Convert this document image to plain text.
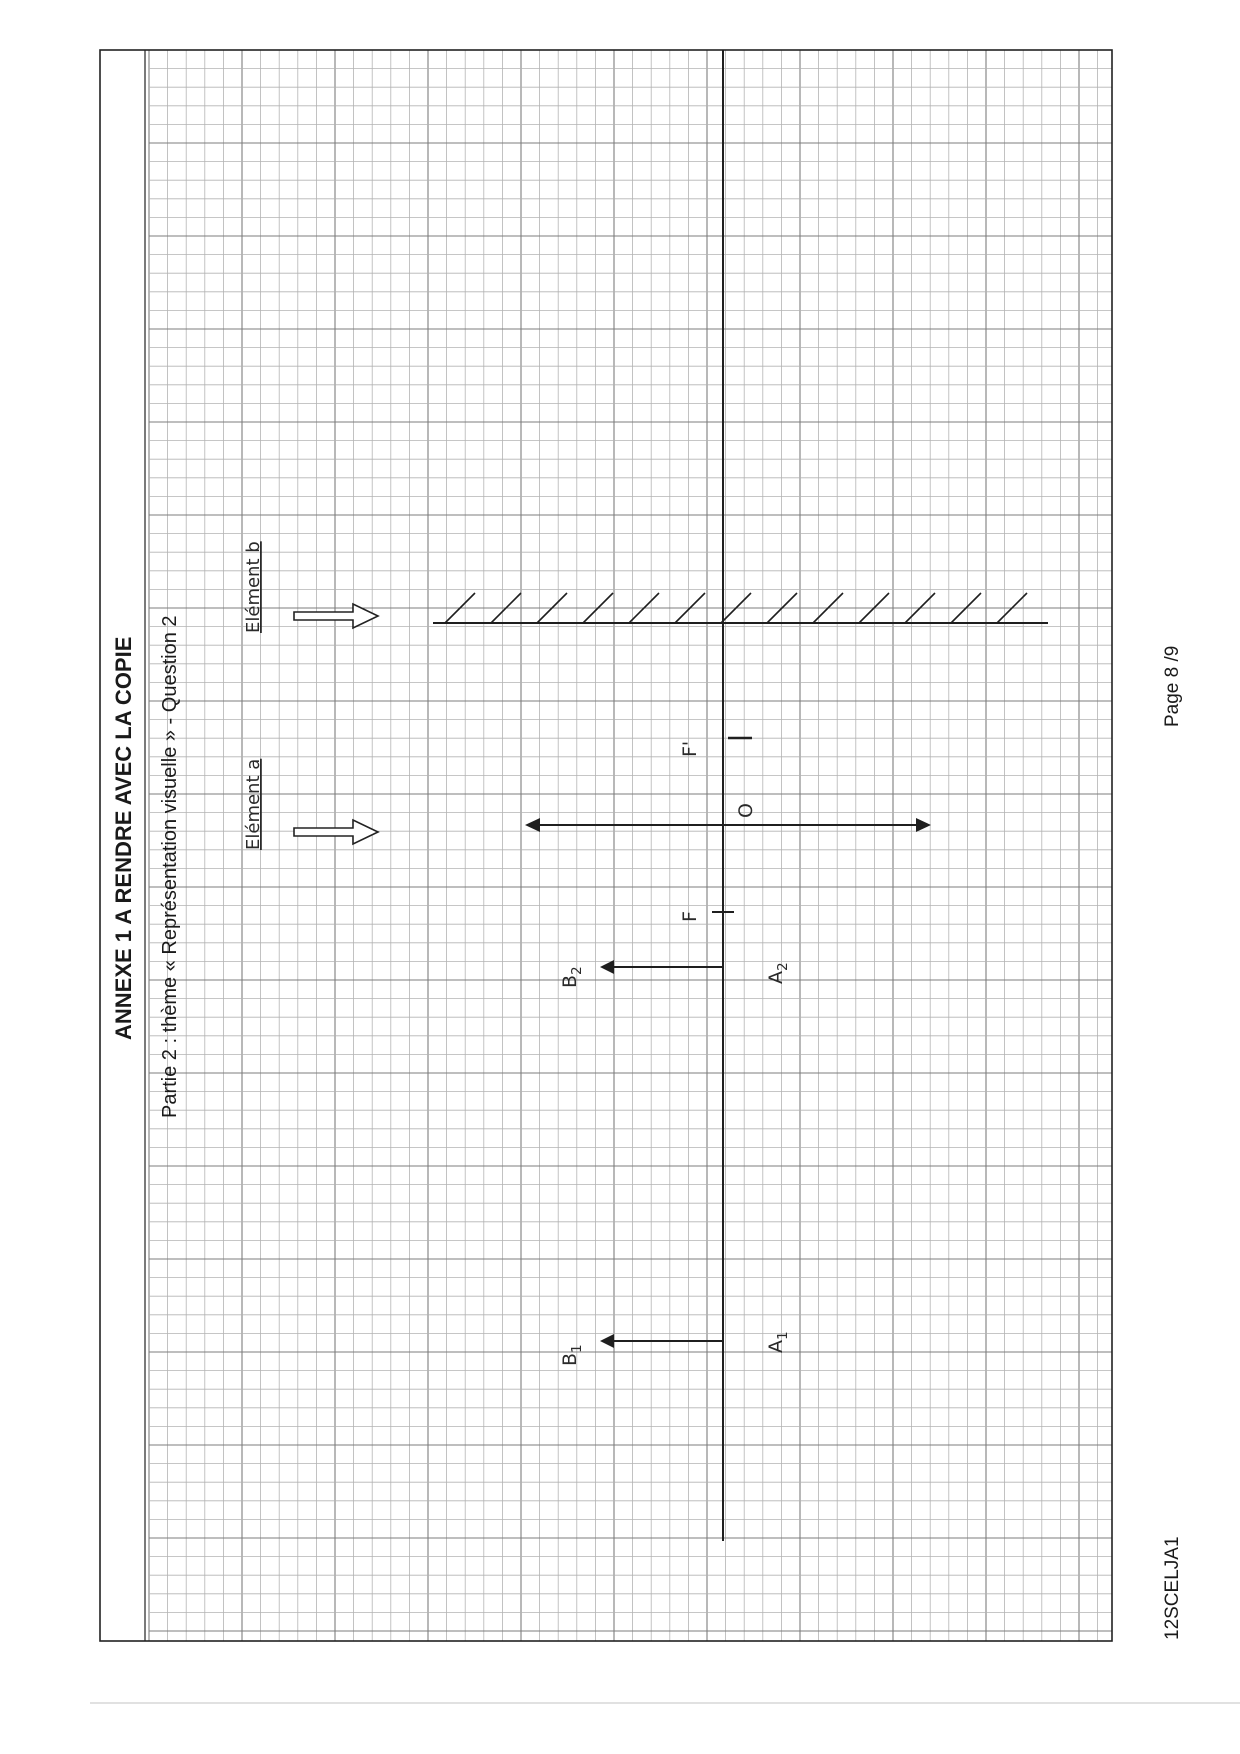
ANNEXE 1 A RENDRE AVEC LA COPIE Partie 2 : thème « Représentation visuelle » - Question 2	Elément a
Elément b
O
F
F'
$B_1$	$A_1$
$B_2$
$A_2$
Page 8 /9
12SCELJA1
